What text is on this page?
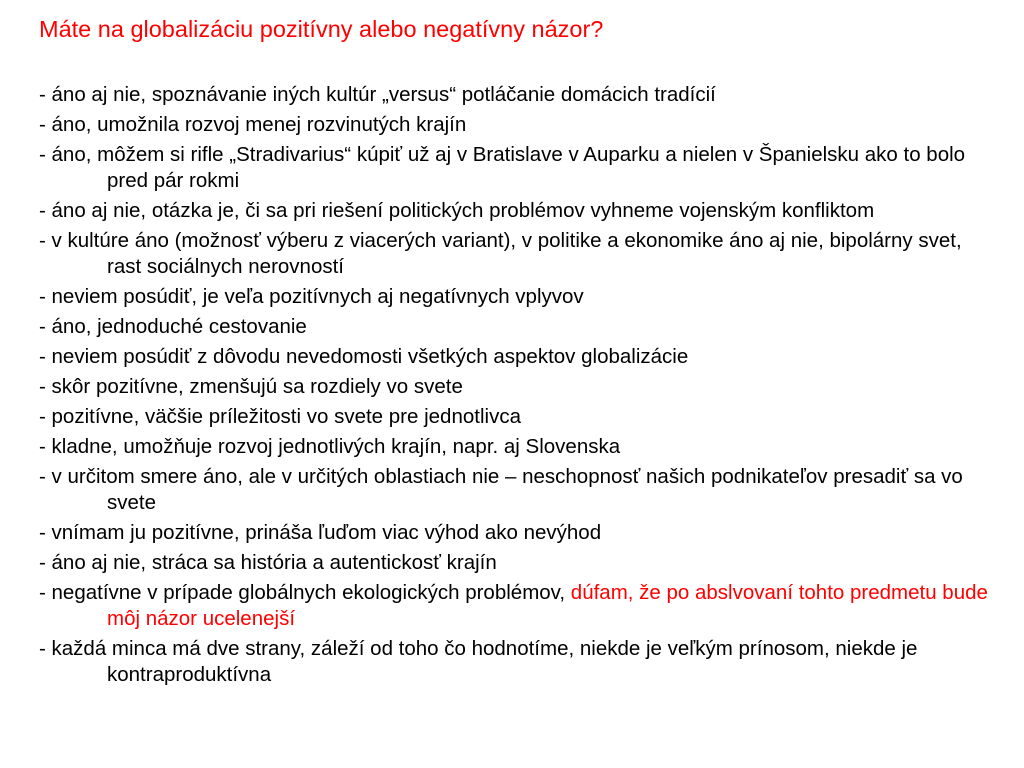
Máte na globalizáciu pozitívny alebo negatívny názor?
- áno aj nie, spoznávanie iných kultúr „versus“ potláčanie domácich tradícií
- áno, umožnila rozvoj menej rozvinutých krajín
- áno, môžem si rifle „Stradivarius“ kúpiť už aj v Bratislave v Auparku a nielen v Španielsku ako to bolo pred pár rokmi
- áno aj nie, otázka je, či sa pri riešení politických problémov vyhneme vojenským konfliktom
- v kultúre áno (možnosť výberu z viacerých variant), v politike a ekonomike áno aj nie, bipolárny svet, rast sociálnych nerovností
- neviem posúdiť, je veľa pozitívnych aj negatívnych vplyvov
- áno, jednoduché cestovanie
- neviem posúdiť z dôvodu nevedomosti všetkých aspektov globalizácie
- skôr pozitívne, zmenšujú sa rozdiely vo svete
- pozitívne, väčšie príležitosti vo svete pre jednotlivca
- kladne, umožňuje rozvoj jednotlivých krajín, napr. aj Slovenska
- v určitom smere áno, ale v určitých oblastiach nie – neschopnosť našich podnikateľov presadiť sa vo svete
- vnímam ju pozitívne, prináša ľuďom viac výhod ako nevýhod
- áno aj nie, stráca sa história a autentickosť krajín
- negatívne v prípade globálnych ekologických problémov, dúfam, že po abslvovaní tohto predmetu bude môj názor ucelenejší
- každá minca má dve strany, záleží od toho čo hodnotíme, niekde je veľkým prínosom, niekde je kontraproduktívna
